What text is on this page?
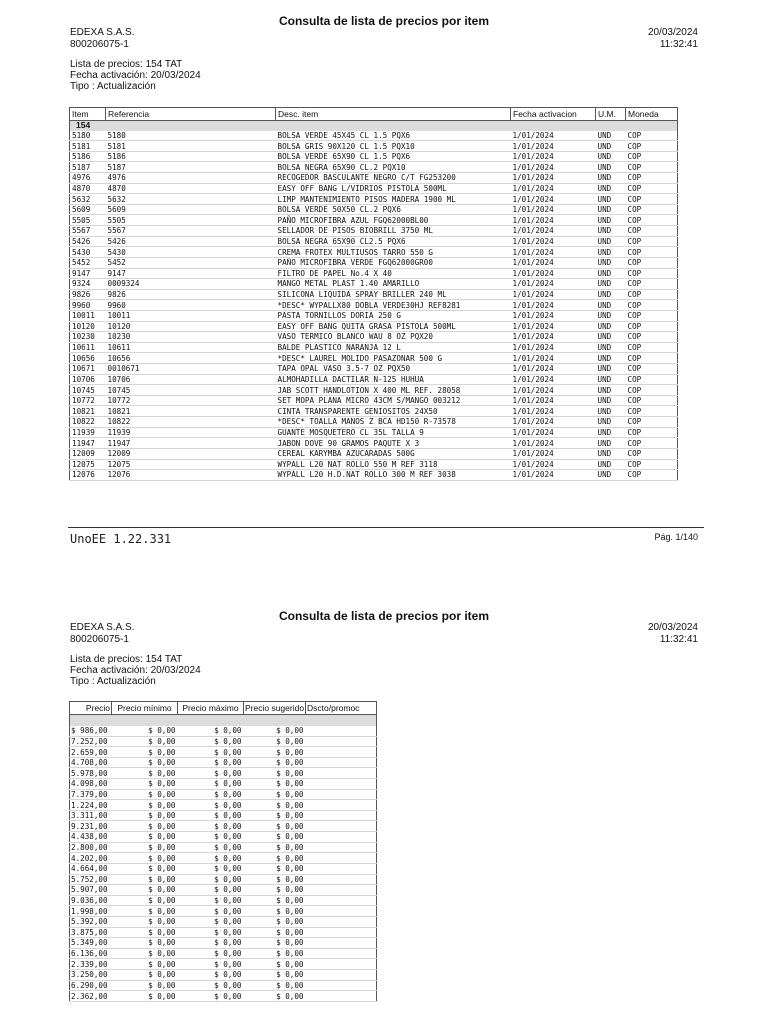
Consulta de lista de precios por item
EDEXA S.A.S.
800206075-1
20/03/2024
11:32:41
Lista de precios: 154 TAT
Fecha activación: 20/03/2024
Tipo : Actualización
Item	Referencia	Desc. item	Fecha activacion	U.M.	Moneda
154					
5180	5180	BOLSA VERDE 45X45 CL 1.5 PQX6	1/01/2024	UND	COP
5181	5181	BOLSA GRIS 90X120 CL 1.5 PQX10	1/01/2024	UND	COP
5186	5186	BOLSA VERDE 65X90 CL 1.5 PQX6	1/01/2024	UND	COP
5187	5187	BOLSA NEGRA 65X90 CL.2 PQX10	1/01/2024	UND	COP
4976	4976	RECOGEDOR BASCULANTE NEGRO C/T FG253200	1/01/2024	UND	COP
4870	4870	EASY OFF BANG L/VIDRIOS PISTOLA 500ML	1/01/2024	UND	COP
5632	5632	LIMP MANTENIMIENTO PISOS MADERA 1900 ML	1/01/2024	UND	COP
5609	5609	BOLSA VERDE 50X50 CL.2 PQX6	1/01/2024	UND	COP
5505	5505	PAÑO MICROFIBRA AZUL FGQ62000BL00	1/01/2024	UND	COP
5567	5567	SELLADOR DE PISOS BIOBRILL 3750 ML	1/01/2024	UND	COP
5426	5426	BOLSA NEGRA 65X90 CL2.5 PQX6	1/01/2024	UND	COP
5430	5430	CREMA FROTEX MULTIUSOS TARRO 550 G	1/01/2024	UND	COP
5452	5452	PAÑO MICROFIBRA VERDE FGQ62000GR00	1/01/2024	UND	COP
9147	9147	FILTRO DE PAPEL No.4 X 40	1/01/2024	UND	COP
9324	0009324	MANGO METAL PLAST 1.40 AMARILLO	1/01/2024	UND	COP
9826	9826	SILICONA LIQUIDA SPRAY BRILLER 240 ML	1/01/2024	UND	COP
9960	9960	*DESC* WYPALLX80 DOBLA VERDE30HJ REF8281	1/01/2024	UND	COP
10011	10011	PASTA TORNILLOS DORIA 250 G	1/01/2024	UND	COP
10120	10120	EASY OFF BANG QUITA GRASA PISTOLA 500ML	1/01/2024	UND	COP
10230	10230	VASO TERMICO BLANCO WAU 8 OZ PQX20	1/01/2024	UND	COP
10611	10611	BALDE PLASTICO NARANJA 12 L	1/01/2024	UND	COP
10656	10656	*DESC* LAUREL MOLIDO PASAZONAR 500 G	1/01/2024	UND	COP
10671	0010671	TAPA OPAL VASO 3.5-7 OZ PQX50	1/01/2024	UND	COP
10706	10706	ALMOHADILLA DACTILAR N-125 HUHUA	1/01/2024	UND	COP
10745	10745	JAB SCOTT HANDLOTION X 400 ML REF. 28058	1/01/2024	UND	COP
10772	10772	SET MOPA PLANA MICRO 43CM S/MANGO 003212	1/01/2024	UND	COP
10821	10821	CINTA TRANSPARENTE GENIOSITOS 24X50	1/01/2024	UND	COP
10822	10822	*DESC* TOALLA MANOS Z BCA HD150 R-73578	1/01/2024	UND	COP
11939	11939	GUANTE MOSQUETERO CL 35L TALLA 9	1/01/2024	UND	COP
11947	11947	JABON DOVE 90 GRAMOS PAQUTE X 3	1/01/2024	UND	COP
12009	12009	CEREAL KARYMBA AZUCARADAS 500G	1/01/2024	UND	COP
12075	12075	WYPALL L20 NAT ROLLO 550 M REF 3118	1/01/2024	UND	COP
12076	12076	WYPALL L20 H.D.NAT ROLLO 300 M REF 3038	1/01/2024	UND	COP
UnoEE 1.22.331	Pág. 1/140
Consulta de lista de precios por item
EDEXA S.A.S.
800206075-1
20/03/2024
11:32:41
Lista de precios: 154 TAT
Fecha activación: 20/03/2024
Tipo : Actualización
Precio	Precio mínimo	Precio máximo	Precio sugerido	Dscto/promoc

$ 986,00	$ 0,00	$ 0,00	$ 0,00	
7.252,00	$ 0,00	$ 0,00	$ 0,00	
2.659,00	$ 0,00	$ 0,00	$ 0,00	
4.708,00	$ 0,00	$ 0,00	$ 0,00	
5.978,00	$ 0,00	$ 0,00	$ 0,00	
4.098,00	$ 0,00	$ 0,00	$ 0,00	
7.379,00	$ 0,00	$ 0,00	$ 0,00	
1.224,00	$ 0,00	$ 0,00	$ 0,00	
3.311,00	$ 0,00	$ 0,00	$ 0,00	
9.231,00	$ 0,00	$ 0,00	$ 0,00	
4.438,00	$ 0,00	$ 0,00	$ 0,00	
2.800,00	$ 0,00	$ 0,00	$ 0,00	
4.202,00	$ 0,00	$ 0,00	$ 0,00	
4.664,00	$ 0,00	$ 0,00	$ 0,00	
5.752,00	$ 0,00	$ 0,00	$ 0,00	
5.907,00	$ 0,00	$ 0,00	$ 0,00	
9.036,00	$ 0,00	$ 0,00	$ 0,00	
1.998,00	$ 0,00	$ 0,00	$ 0,00	
5.392,00	$ 0,00	$ 0,00	$ 0,00	
3.875,00	$ 0,00	$ 0,00	$ 0,00	
5.349,00	$ 0,00	$ 0,00	$ 0,00	
6.136,00	$ 0,00	$ 0,00	$ 0,00	
2.339,00	$ 0,00	$ 0,00	$ 0,00	
3.250,00	$ 0,00	$ 0,00	$ 0,00	
6.290,00	$ 0,00	$ 0,00	$ 0,00	
2.362,00	$ 0,00	$ 0,00	$ 0,00	
